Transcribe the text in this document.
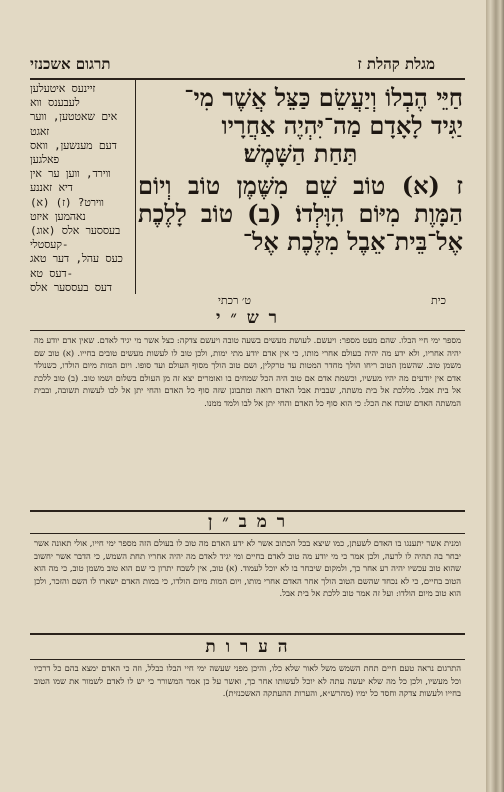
מגלת קהלת ז
תרגום אשכנזי

חַיֵּי הֶבְלוֹ וְיַעֲשֵׂם כַּצֵּל אֲשֶׁר מִי־

יַגִּיד לָאָדָם מַה־יִּהְיֶה אַחֲרָיו

תַּחַת הַשָּׁמֶשׁ׃

ז (א) טוֹב שֵׁם מִשֶּׁמֶן טוֹב וְיוֹם הַמָּוֶת מִיּוֹם הִוָּלְדוֹ׃ (ב) טוֹב לָלֶכֶת אֶל־בֵּית־אֵבֶל מִלֶּכֶת אֶל־

זיינעס איטעלען לעבענס ווא

אים שאטטען, ווער זאגט

דעם מענשען, וואס פאלגען

ווירד, ווען ער אין דיא זאננע

ווירט? (ז) (א) נאהמען איזט

(אוג) בעססער אלס קעסטלי-

כעס עהל, דער טאג דעס טא-

דעס בעססער אלס

כית
ט׳ רכתי
ר ש ״ י

מספר ימי חיי הבלו. שהם מעט מספר: ויעשם. לעושת מעשים בשעה טובה ויעשם צדקה: כצל אשר מי יגיד לאדם. שאין אדם יודע מה יהיה אחריו, ולא ידע מה יהיה בעולם אחרי מותו, כי אין אדם יודע מתי ימות, ולכן טוב לו לעשות מעשים טובים בחייו. (א) טוב שם משמן טוב. שהשמן הטוב ריחו הולך מחדר המטות עד טרקלין, ושם טוב הולך מסוף העולם ועד סופו. ויום המות מיום הולדו, כשנולד אדם אין יודעים מה יהיו מעשיו, וכשמת אדם אם טוב היה הכל שמחים בו ואומרים יצא זה מן העולם בשלום ושמו טוב. (ב) טוב ללכת אל בית אבל. מללכת אל בית משתה, שבבית אבל האדם רואה ומתבונן שזה סוף כל האדם והחי יתן אל לבו לעשות תשובה, ובבית המשתה האדם שוכח את הכל: כי הוא סוף כל האדם והחי יתן אל לבו ולמד ממנו.

ר מ ב ״ ן

ומנית אשר יתענגו בו האדם לשעתן, כמו שיצא בכל הכתוב אשר לא ידע האדם מה טוב לו בעולם הזה מספר ימי חייו, אולי תאונה אשר יבחר בה תהיה לו לרעה, ולכן אמר כי מי יודע מה טוב לאדם בחיים ומי יגיד לאדם מה יהיה אחריו תחת השמש, כי הדבר אשר יחשוב שהוא טוב עכשיו יהיה רע אחר כך, ולמקום שיבחר בו לא יוכל לעמוד. (א) טוב, אין לשבח יתרון כי שם הוא טוב משמן טוב, כי מה הוא הטוב בחיים, כי לא נכחד שהשם הטוב הולך אחר האדם אחרי מותו, ויום המות מיום הולדו, כי במות האדם ישארו לו השם והזכר, ולכן הוא טוב מיום הולדו: ועל זה אמר טוב ללכת אל בית אבל.

ה ע ר ו ת

התרגום נראה טעם חיים תחת השמש משל לאור שלא כלו, והיכן מפני שעשה ימי חיי הבלו כבלל, וזה כי האדם ימצא בהם כל דרכיו וכל מעשיו, ולכן כל מה שלא יעשה עתה לא יוכל לעשותו אחר כך, ואשר על כן אמר המשורר כי יש לו לאדם לשמור את שמו הטוב בחייו ולעשות צדקה וחסד כל ימיו (מהרש״א, והערות ההעתקה האשכנזית).
